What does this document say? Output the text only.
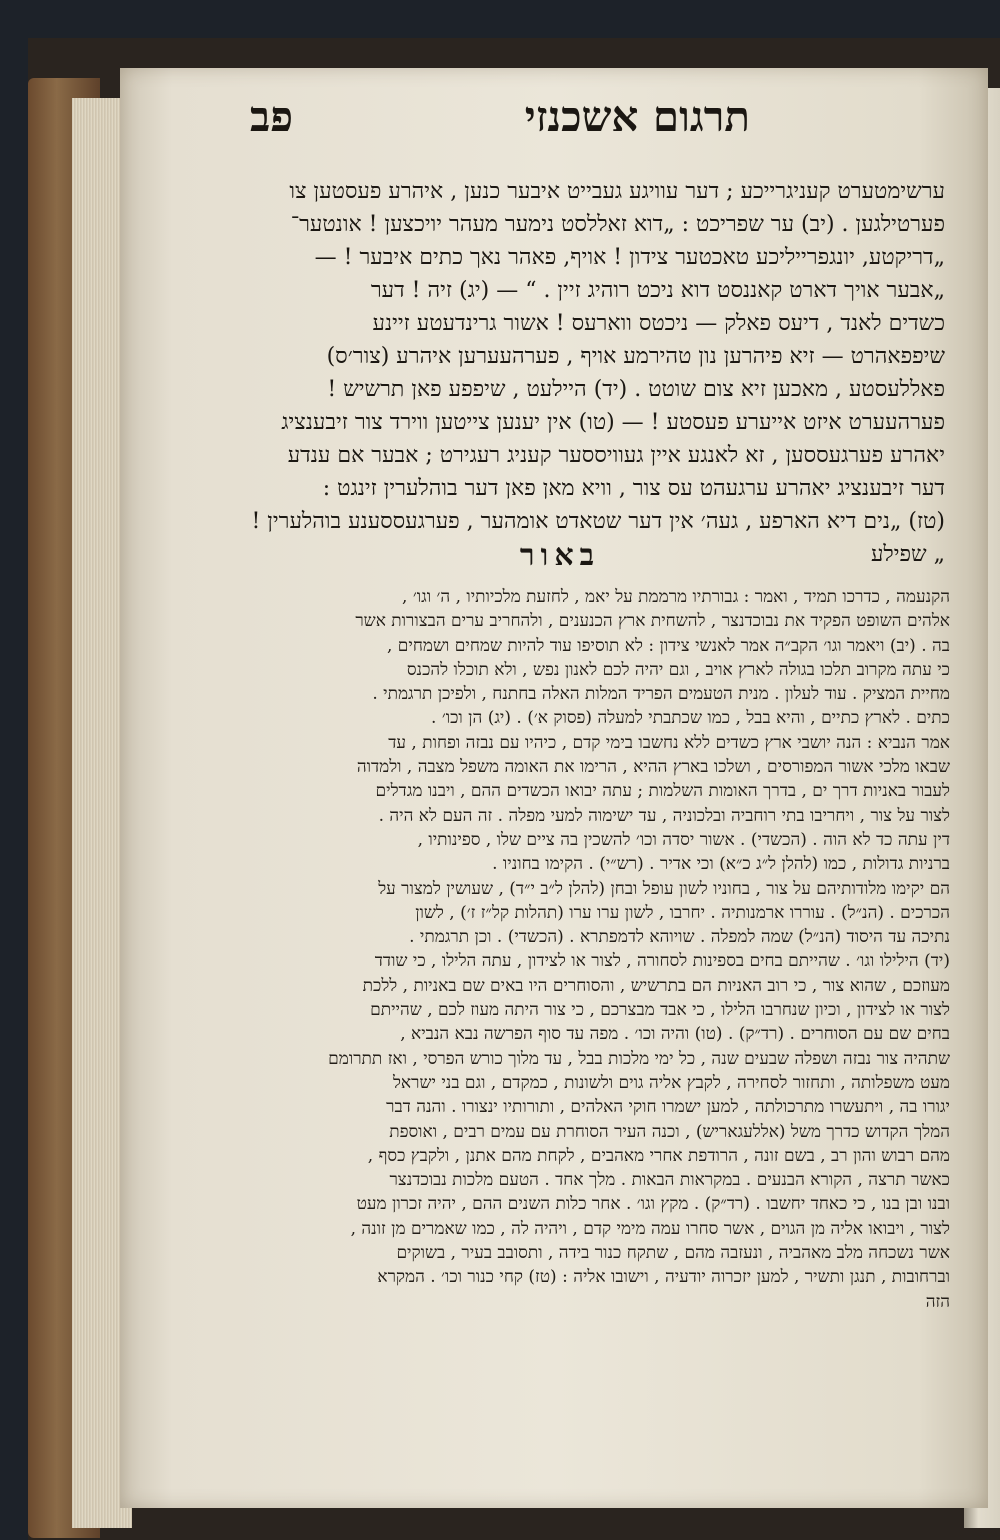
תרגום אשכנזי
פב
ערשימטערט קעניגרייכע ; דער עוויגע געבייט איבער כנען , איהרע פעסטען צו
פערטילגען . (יב) ער שפריכט : „דוא זאללסט נימער מעהר יויכצען ! אונטער־
„דריקטע, יונגפרייליכע טאכטער צידון ! אויף, פאהר נאך כתים איבער ! —
„אבער אויך דארט קאננסט דוא ניכט רוהיג זיין . “ — (יג) זיה ! דער
כשדים לאנד , דיעס פאלק — ניכטס ווארעס ! אשור גרינדעטע זיינע
שיפפאהרט — זיא פיהרען נון טהירמע אויף , פערהעערען איהרע (צור׳ס)
פאללעסטע , מאכען זיא צום שוטט . (יד) היילעט , שיפפע פאן תרשיש !
פערהעערט איזט אייערע פעסטע ! — (טו) אין יענען צייטען ווירד צור זיבענציג
יאהרע פערגעססען , זא לאנגע איין געוויססער קעניג רעגירט ; אבער אם ענדע
דער זיבענציג יאהרע ערגעהט עס צור , וויא מאן פאן דער בוהלערין זינגט :
(טז) „נים דיא הארפע , געה׳ אין דער שטאדט אומהער , פערגעססענע בוהלערין !
„ שפילע
באור
הקנעמה , כדרכו תמיד , ואמר : גבורתיו מרממת על יאמ , לחזעת מלכיותיו , ה׳ וגו׳ ,
אלהים השופט הפקיד את נבוכדנצר , להשחית ארץ הכנענים , ולהחריב ערים הבצורות אשר
בה . (יב) ויאמר וגו׳ הקב״ה אמר לאנשי צידון : לא תוסיפו עוד להיות שמחים ושמחים ,
כי עתה מקרוב תלכו בגולה לארץ אויב , וגם יהיה לכם לאנון נפש , ולא תוכלו להכנס
מחיית המציק . עוד לעלון . מנית הטעמים הפריד המלות האלה בחתנח , ולפיכן תרגמתי .
כתים . לארץ כתיים , והיא בבל , כמו שכתבתי למעלה (פסוק א׳) . (יג) הן וכו׳ .
אמר הנביא : הנה יושבי ארץ כשדים ללא נחשבו בימי קדם , כיהיו עם נבזה ופחות , עד
שבאו מלכי אשור המפורסים , ושלכו בארץ ההיא , הרימו את האומה משפל מצבה , ולמדוה
לעבור באניות דרך ים , בדרך האומות השלמות ; עתה יבואו הכשדים ההם , ויבנו מגדלים
לצור על צור , ויחריבו בתי רוחביה ובלכוניה , עד ישימוה למעי מפלה . זה העם לא היה .
דין עתה כד לא הוה . (הכשדי) . אשור יסדה וכו׳ להשכין בה ציים שלו , ספינותיו ,
ברניות גדולות , כמו (להלן ל״ג כ״א) וכי אדיר . (רש״י) . הקימו בחוניו .
הם יקימו מלודותיהם על צור , בחוניו לשון עופל ובחן (להלן ל״ב י״ד) , שעושין למצור על
הכרכים . (הנ״ל) . עוררו ארמנותיה . יחרבו , לשון ערו ערו (תהלות קל״ז ז׳) , לשון
נתיכה עד היסוד (הנ״ל) שמה למפלה . שויוהא לדמפתרא . (הכשדי) . וכן תרגמתי .
(יד) הילילו וגו׳ . שהייתם בחים בספינות לסחורה , לצור או לצידון , עתה הלילו , כי שודד
מעוזכם , שהוא צור , כי רוב האניות הם בתרשיש , והסוחרים היו באים שם באניות , ללכת
לצור או לצידון , וכיון שנחרבו הלילו , כי אבד מבצרכם , כי צור היתה מעוז לכם , שהייתם
בחים שם עם הסוחרים . (רד״ק) . (טו) והיה וכו׳ . מפה עד סוף הפרשה נבא הנביא ,
שתהיה צור נבזה ושפלה שבעים שנה , כל ימי מלכות בבל , עד מלוך כורש הפרסי , ואז תתרומם
מעט משפלותה , ותחזור לסחירה , לקבץ אליה גוים ולשונות , כמקדם , וגם בני ישראל
יגורו בה , ויתעשרו מתרכולתה , למען ישמרו חוקי האלהים , ותורותיו ינצורו . והנה דבר
המלך הקדוש כדרך משל (אללעגאריש) , וכנה העיר הסוחרת עם עמים רבים , ואוספת
מהם רבוש והון רב , בשם זונה , הרודפת אחרי מאהבים , לקחת מהם אתנן , ולקבץ כסף ,
כאשר תרצה , הקורא הבנעים . במקראות הבאות . מלך אחד . הטעם מלכות נבוכדנצר
ובנו ובן בנו , כי כאחד יחשבו . (רד״ק) . מקץ וגו׳ . אחר כלות השנים ההם , יהיה זכרון מעט
לצור , ויבואו אליה מן הגוים , אשר סחרו עמה מימי קדם , ויהיה לה , כמו שאמרים מן זונה ,
אשר נשכחה מלב מאהביה , ונעזבה מהם , שתקח כנור בידה , ותסובב בעיר , בשוקים
וברחובות , תנגן ותשיר , למען יזכרוה יודעיה , וישובו אליה : (טז) קחי כנור וכו׳ . המקרא
הזה
